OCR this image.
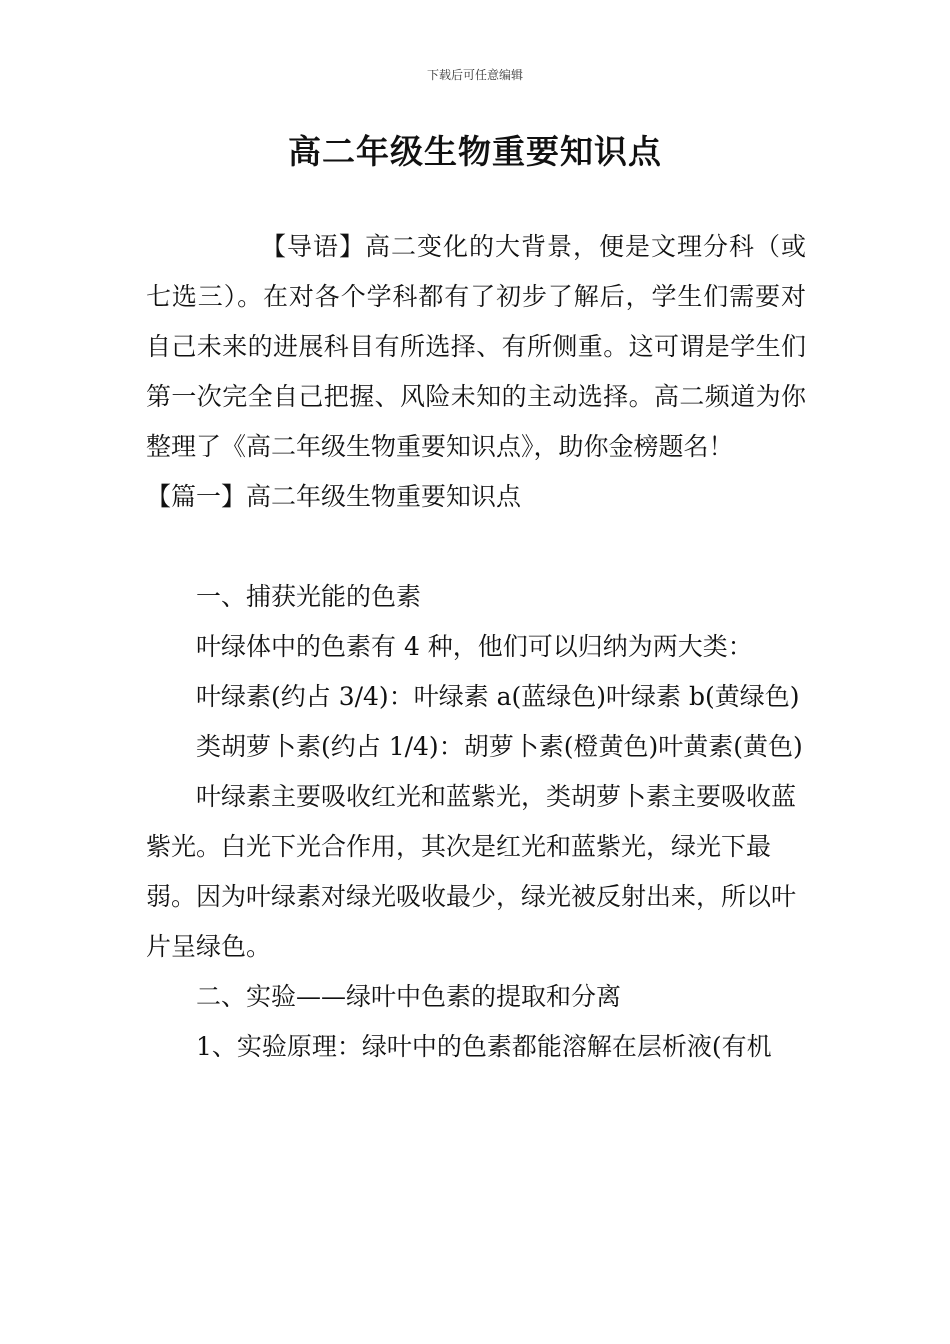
下载后可任意编辑
高二年级生物重要知识点

【导语】高二变化的大背景，便是文理分科（或七选三）。在对各个学科都有了初步了解后，学生们需要对自己未来的进展科目有所选择、有所侧重。这可谓是学生们第一次完全自己把握、风险未知的主动选择。高二频道为你整理了《高二年级生物重要知识点》，助你金榜题名！

【篇一】高二年级生物重要知识点

一、捕获光能的色素

叶绿体中的色素有 4 种，他们可以归纳为两大类：

叶绿素(约占 3/4)：叶绿素 a(蓝绿色)叶绿素 b(黄绿色)

类胡萝卜素(约占 1/4)：胡萝卜素(橙黄色)叶黄素(黄色)

叶绿素主要吸收红光和蓝紫光，类胡萝卜素主要吸收蓝紫光。白光下光合作用，其次是红光和蓝紫光，绿光下最弱。因为叶绿素对绿光吸收最少，绿光被反射出来，所以叶片呈绿色。

二、实验——绿叶中色素的提取和分离

1、实验原理：绿叶中的色素都能溶解在层析液(有机
